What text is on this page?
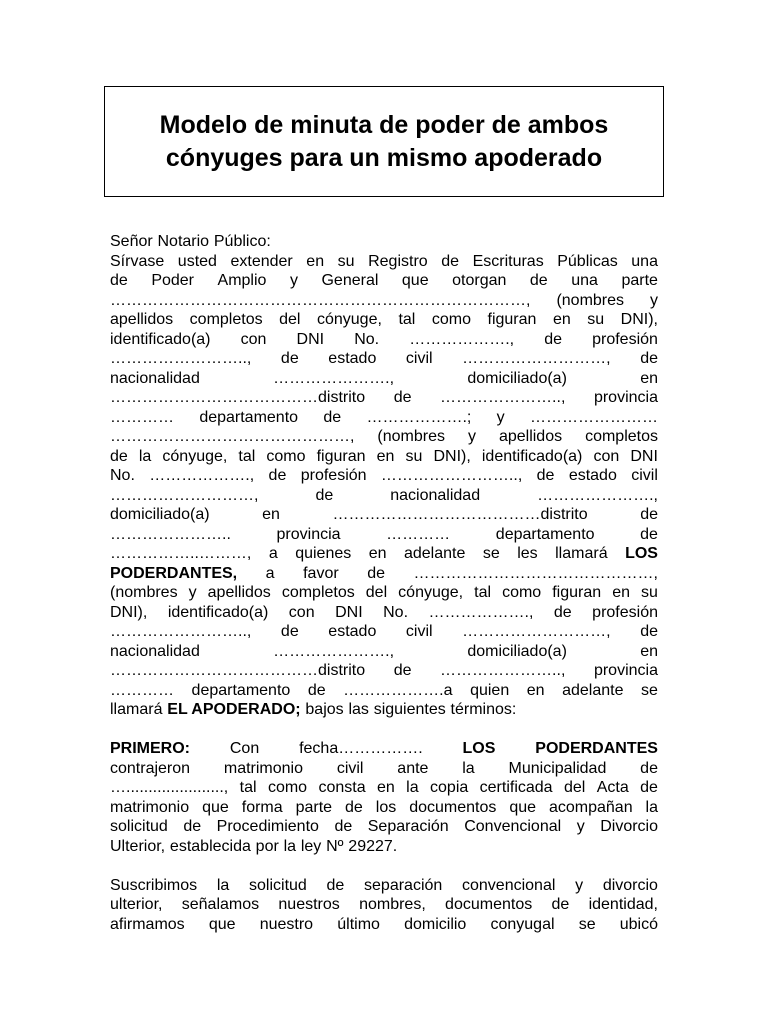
Modelo de minuta de poder de ambos
cónyuges para un mismo apoderado
Señor Notario Público:
Sírvase usted extender en su Registro de Escrituras Públicas una
de Poder Amplio y General que otorgan de una parte
……………………………………………………………………, (nombres y
apellidos completos del cónyuge, tal como figuran en su DNI),
identificado(a) con DNI No. ………………., de profesión
…………………….., de estado civil ………………………, de
nacionalidad	………………….,	domiciliado(a)	en
…………………………………distrito de ………………….., provincia
………… departamento de ……………….; y ……………………
………………………………………, (nombres y apellidos completos
de la cónyuge, tal como figuran en su DNI), identificado(a) con DNI
No. ………………., de profesión …………………….., de estado civil
………………………,	de	nacionalidad	………………….,
domiciliado(a)	en	…………………………………distrito	de
…………………..	provincia	…………	departamento	de
……………..………, a quienes en adelante se les llamará LOS
PODERDANTES, a favor de ………………………………………,
(nombres y apellidos completos del cónyuge, tal como figuran en su
DNI), identificado(a) con DNI No. ………………., de profesión
…………………….., de estado civil ………………………, de
nacionalidad	………………….,	domiciliado(a)	en
…………………………………distrito de ………………….., provincia
………… departamento de ……………….a quien en adelante se
llamará EL APODERADO; bajos las siguientes términos:
PRIMERO: Con fecha……………. LOS PODERDANTES
contrajeron matrimonio civil ante la Municipalidad de
…......................, tal como consta en la copia certificada del Acta de
matrimonio que forma parte de los documentos que acompañan la
solicitud de Procedimiento de Separación Convencional y Divorcio
Ulterior, establecida por la ley Nº 29227.
Suscribimos la solicitud de separación convencional y divorcio
ulterior, señalamos nuestros nombres, documentos de identidad,
afirmamos que nuestro último domicilio conyugal se ubicó
